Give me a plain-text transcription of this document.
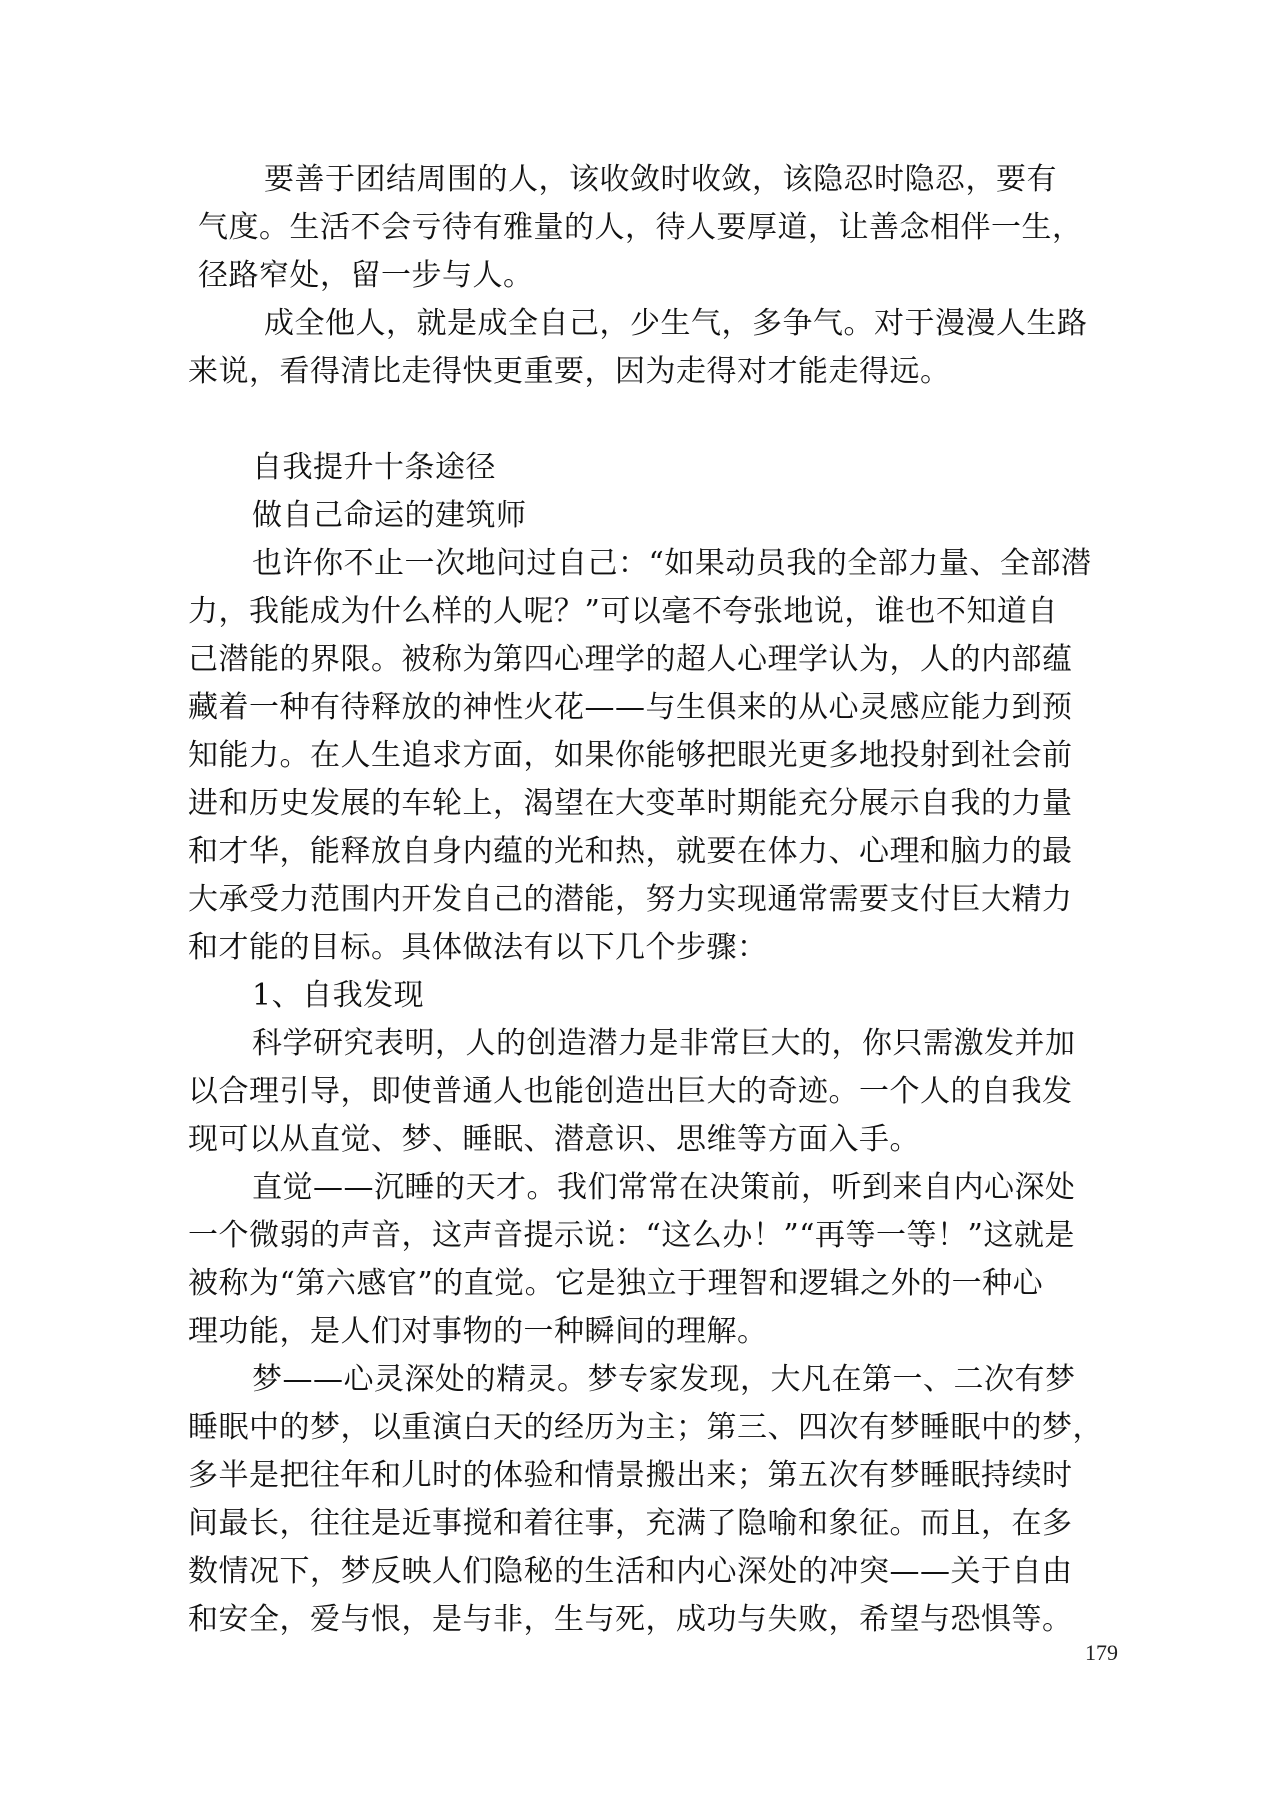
要善于团结周围的人，该收敛时收敛，该隐忍时隐忍，要有
气度。生活不会亏待有雅量的人，待人要厚道，让善念相伴一生，
径路窄处，留一步与人。
成全他人，就是成全自己，少生气，多争气。对于漫漫人生路
来说，看得清比走得快更重要，因为走得对才能走得远。
自我提升十条途径
做自己命运的建筑师
也许你不止一次地问过自己：“如果动员我的全部力量、全部潜
力，我能成为什么样的人呢？”可以毫不夸张地说，谁也不知道自
己潜能的界限。被称为第四心理学的超人心理学认为，人的内部蕴
藏着一种有待释放的神性火花——与生俱来的从心灵感应能力到预
知能力。在人生追求方面，如果你能够把眼光更多地投射到社会前
进和历史发展的车轮上，渴望在大变革时期能充分展示自我的力量
和才华，能释放自身内蕴的光和热，就要在体力、心理和脑力的最
大承受力范围内开发自己的潜能，努力实现通常需要支付巨大精力
和才能的目标。具体做法有以下几个步骤：
1、自我发现
科学研究表明，人的创造潜力是非常巨大的，你只需激发并加
以合理引导，即使普通人也能创造出巨大的奇迹。一个人的自我发
现可以从直觉、梦、睡眠、潜意识、思维等方面入手。
直觉——沉睡的天才。我们常常在决策前，听到来自内心深处
一个微弱的声音，这声音提示说：“这么办！”“再等一等！”这就是
被称为“第六感官”的直觉。它是独立于理智和逻辑之外的一种心
理功能，是人们对事物的一种瞬间的理解。
梦——心灵深处的精灵。梦专家发现，大凡在第一、二次有梦
睡眠中的梦，以重演白天的经历为主；第三、四次有梦睡眠中的梦，
多半是把往年和儿时的体验和情景搬出来；第五次有梦睡眠持续时
间最长，往往是近事搅和着往事，充满了隐喻和象征。而且，在多
数情况下，梦反映人们隐秘的生活和内心深处的冲突——关于自由
和安全，爱与恨，是与非，生与死，成功与失败，希望与恐惧等。
179
